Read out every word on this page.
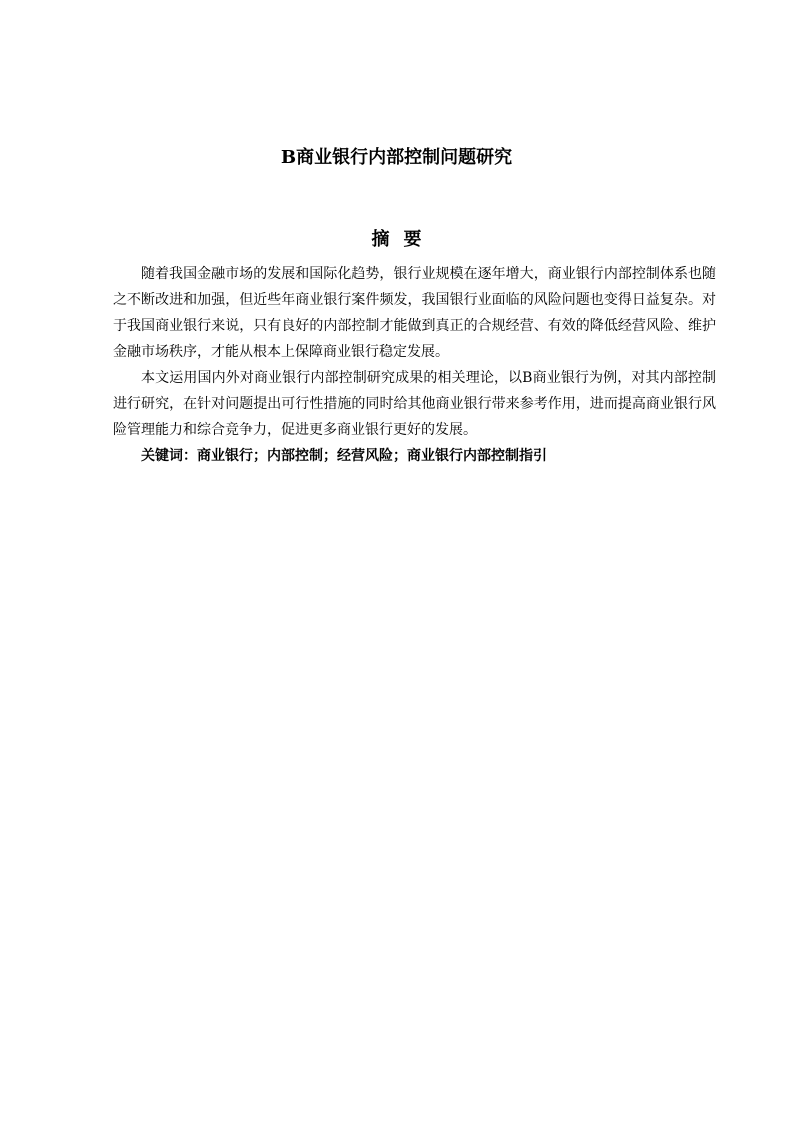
B商业银行内部控制问题研究
摘要

随着我国金融市场的发展和国际化趋势，银行业规模在逐年增大，商业银行内部控制体系也随之不断改进和加强，但近些年商业银行案件频发，我国银行业面临的风险问题也变得日益复杂。对于我国商业银行来说，只有良好的内部控制才能做到真正的合规经营、有效的降低经营风险、维护金融市场秩序，才能从根本上保障商业银行稳定发展。

本文运用国内外对商业银行内部控制研究成果的相关理论，以B商业银行为例，对其内部控制进行研究，在针对问题提出可行性措施的同时给其他商业银行带来参考作用，进而提高商业银行风险管理能力和综合竞争力，促进更多商业银行更好的发展。

关键词：商业银行；内部控制；经营风险；商业银行内部控制指引
